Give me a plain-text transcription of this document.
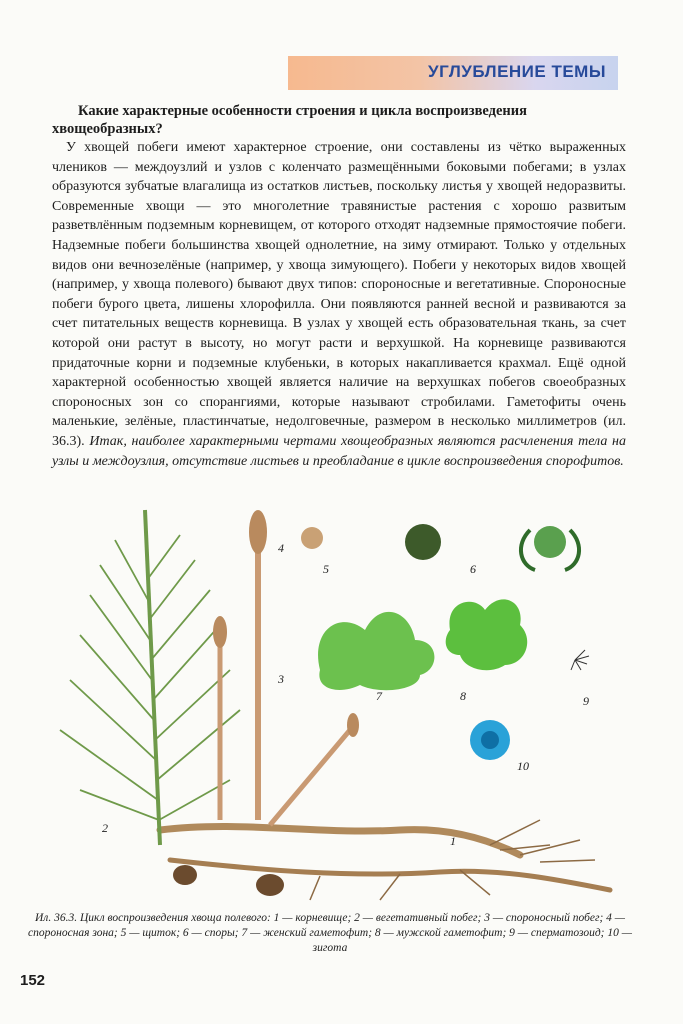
УГЛУБЛЕНИЕ ТЕМЫ
Какие характерные особенности строения и цикла воспроизведения хвощеобразных?
У хвощей побеги имеют характерное строение, они составлены из чётко выраженных члеников — междоузлий и узлов с коленчато размещёнными боковыми побегами; в узлах образуются зубчатые влагалища из остатков листьев, поскольку листья у хвощей недоразвиты. Современные хвощи — это многолетние травянистые растения с хорошо развитым разветвлённым подземным корневищем, от которого отходят надземные прямостоячие побеги. Надземные побеги большинства хвощей однолетние, на зиму отмирают. Только у отдельных видов они вечнозелёные (например, у хвоща зимующего). Побеги у некоторых видов хвощей (например, у хвоща полевого) бывают двух типов: спороносные и вегетативные. Спороносные побеги бурого цвета, лишены хлорофилла. Они появляются ранней весной и развиваются за счет питательных веществ корневища. В узлах у хвощей есть образовательная ткань, за счет которой они растут в высоту, но могут расти и верхушкой. На корневище развиваются придаточные корни и подземные клубеньки, в которых накапливается крахмал. Ещё одной характерной особенностью хвощей является наличие на верхушках побегов своеобразных спороносных зон со спорангиями, которые называют стробилами. Гаметофиты очень маленькие, зелёные, пластинчатые, недолговечные, размером в несколько миллиметров (ил. 36.3). Итак, наиболее характерными чертами хвощеобразных являются расчленения тела на узлы и междоузлия, отсутствие листьев и преобладание в цикле воспроизведения спорофитов.
1
2
3
4
5	6
7	8	9
10
Ил. 36.3. Цикл воспроизведения хвоща полевого: 1 — корневище; 2 — вегетативный побег; 3 — спороносный побег; 4 — спороносная зона; 5 — щиток; 6 — споры; 7 — женский гаметофит; 8 — мужской гаметофит; 9 — сперматозоид; 10 — зигота
152
